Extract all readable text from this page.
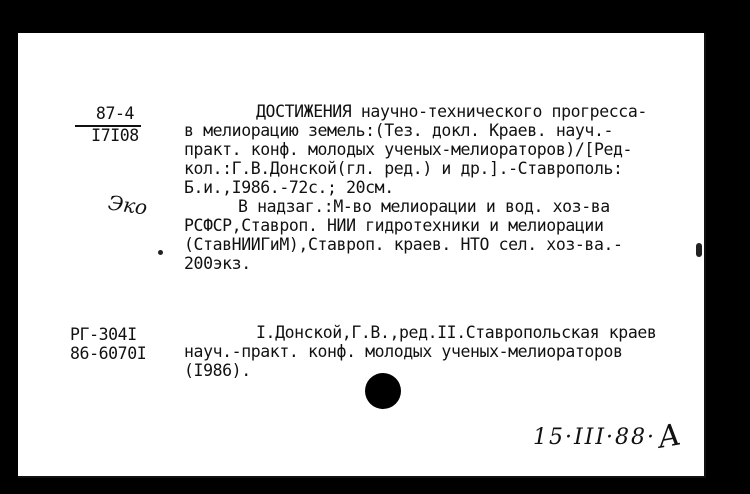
87-4
I7I08
Эко
ДОСТИЖЕНИЯ научно-технического прогресса-
в мелиорацию земель:(Тез. докл. Краев. науч.-
практ. конф. молодых ученых-мелиораторов)/[Ред-
кол.:Г.В.Донской(гл. ред.) и др.].-Ставрополь:
Б.и.,I986.-72с.; 20см.
В надзаг.:М-во мелиорации и вод. хоз-ва
РСФСР,Ставроп. НИИ гидротехники и мелиорации
(СтавНИИГиМ),Ставроп. краев. НТО сел. хоз-ва.-
200экз.
РГ-304I
86-6070I
I.Донской,Г.В.,ред.II.Ставропольская краев
науч.-практ. конф. молодых ученых-мелиораторов
(I986).
15·III·88· А
